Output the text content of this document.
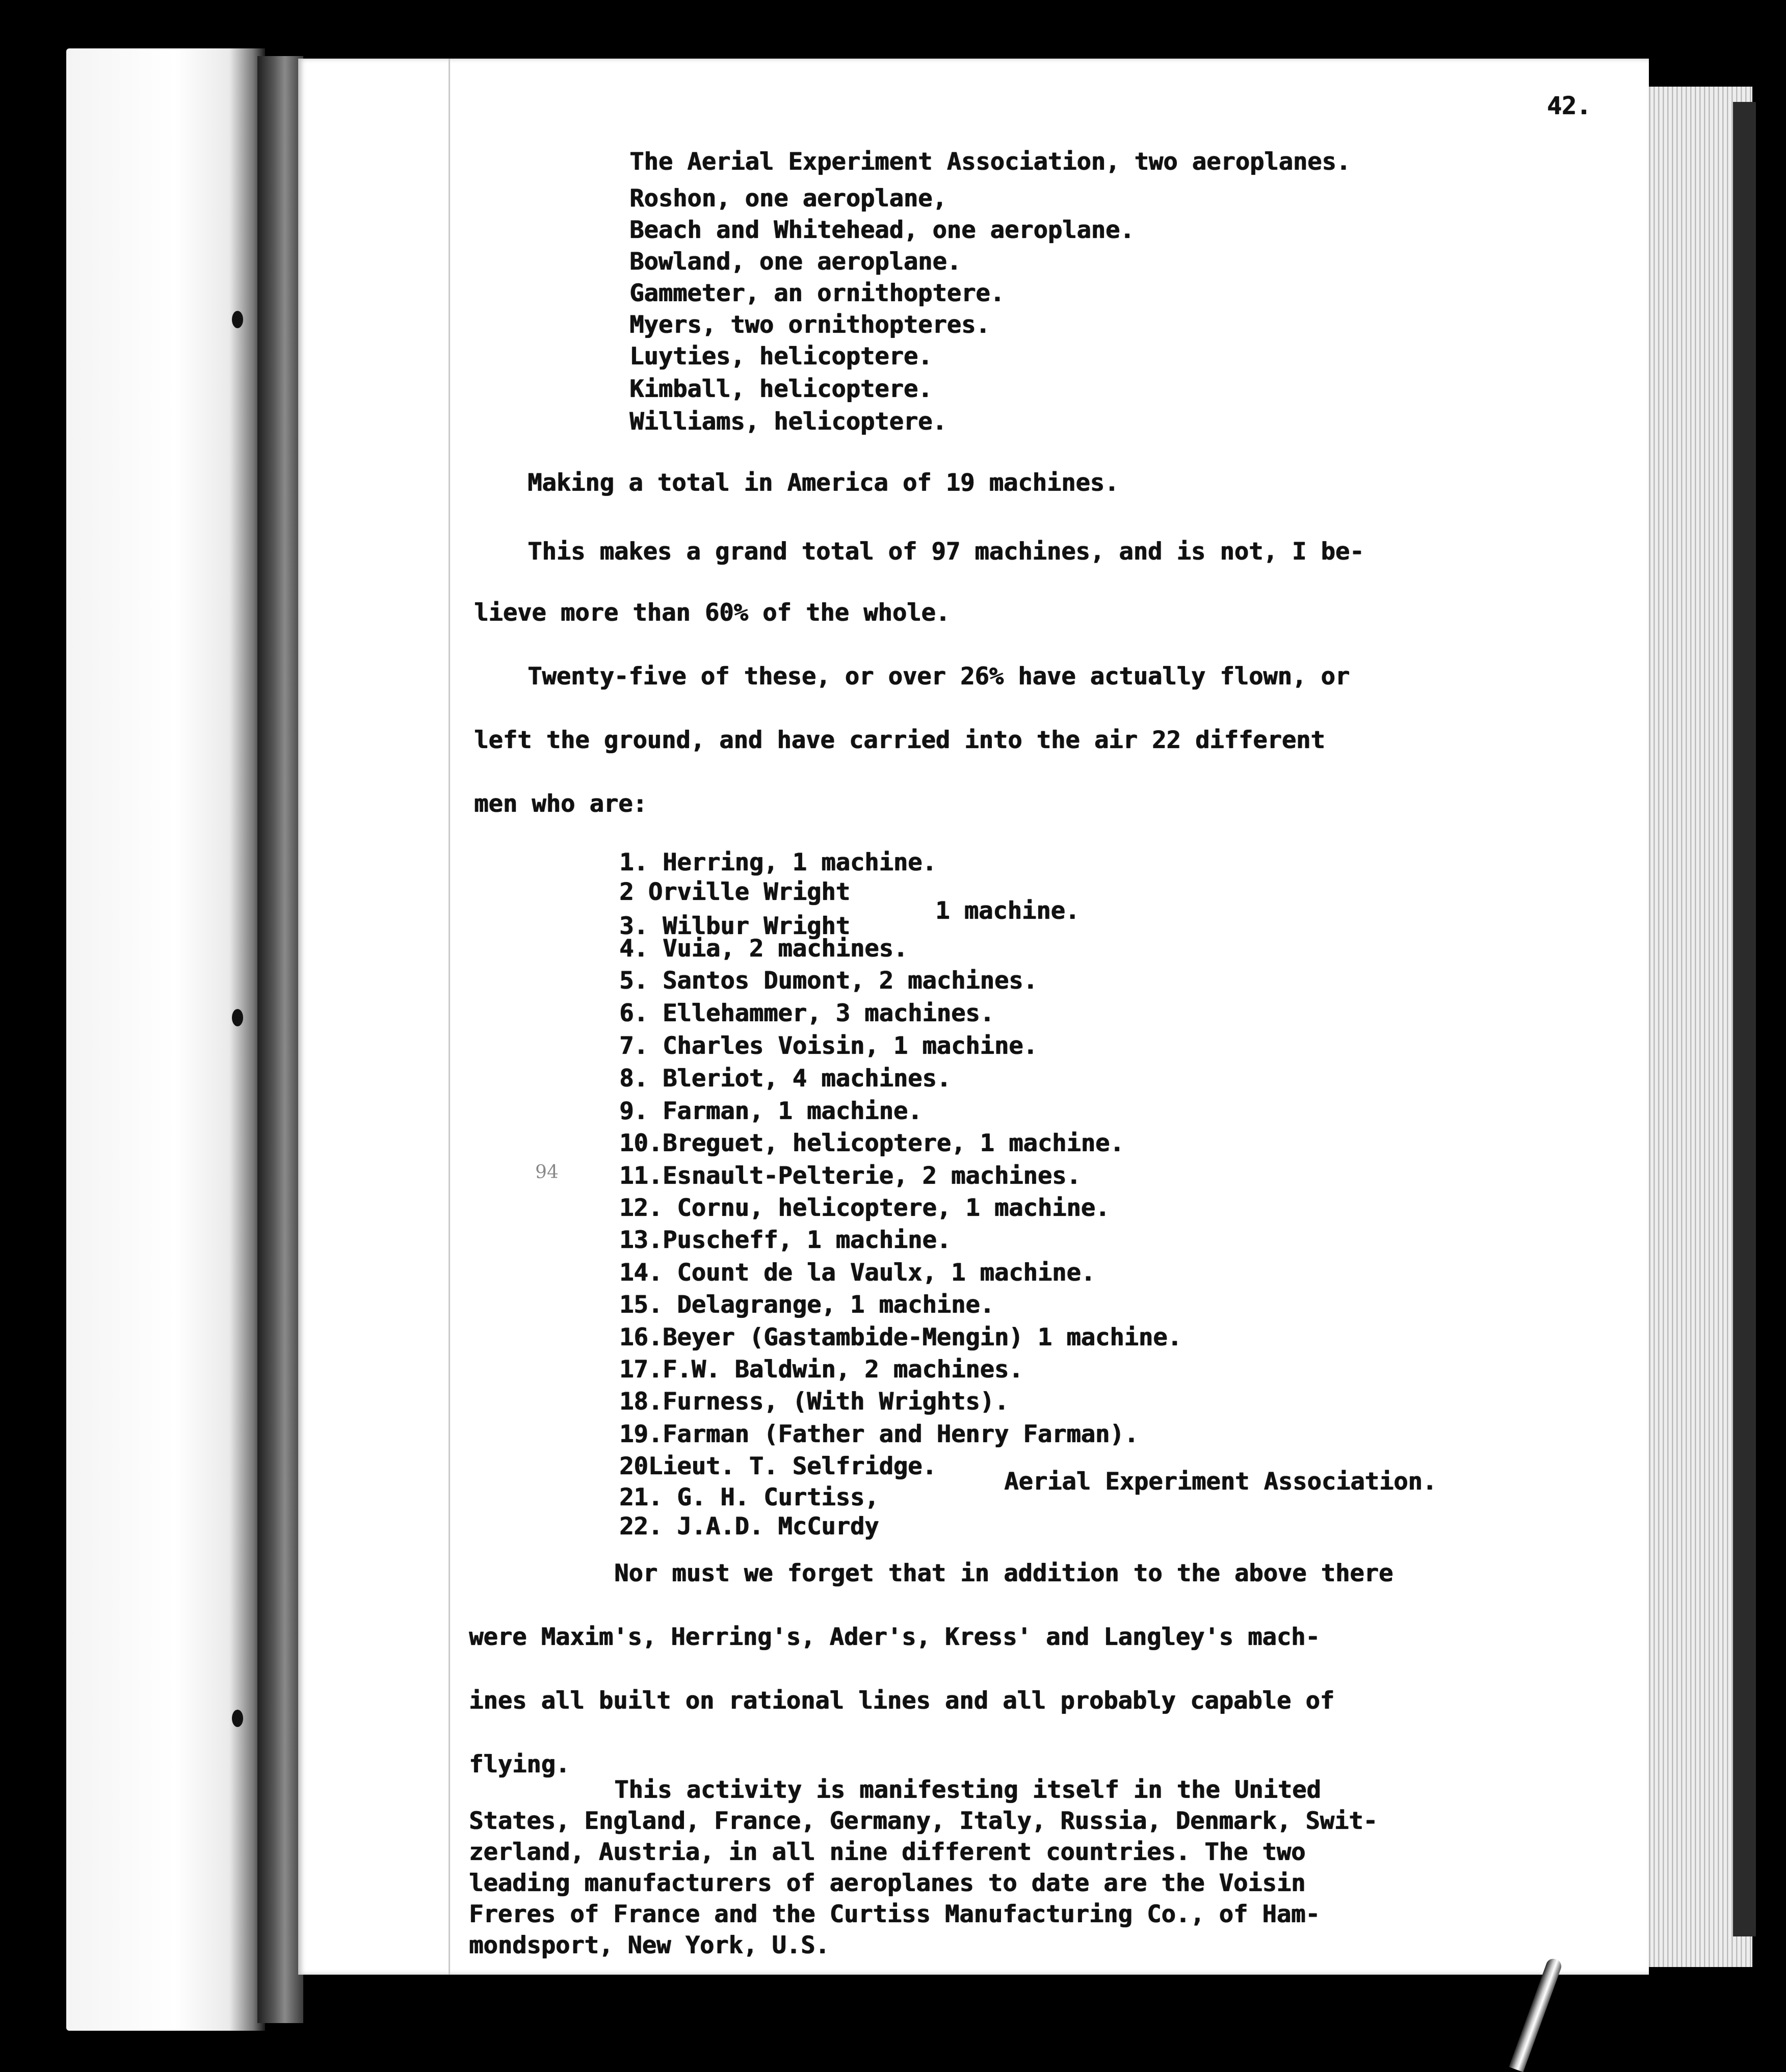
42.

The Aerial Experiment Association, two aeroplanes.

Roshon, one aeroplane,

Beach and Whitehead, one aeroplane.

Bowland, one aeroplane.

Gammeter, an ornithoptere.

Myers, two ornithopteres.

Luyties, helicoptere.

Kimball, helicoptere.

Williams, helicoptere.

Making a total in America of 19 machines.

This makes a grand total of 97 machines, and is not, I be-

lieve more than 60% of the whole.

Twenty-five of these, or over 26% have actually flown, or

left the ground, and have carried into the air 22 different

men who are:

1. Herring, 1 machine.

2 Orville Wright

3. Wilbur Wright

1 machine.

4. Vuia, 2 machines.

5. Santos Dumont, 2 machines.

6. Ellehammer, 3 machines.

7. Charles Voisin, 1 machine.

8. Bleriot, 4 machines.

9. Farman, 1 machine.

10.Breguet, helicoptere, 1 machine.

11.Esnault-Pelterie, 2 machines.

12. Cornu, helicoptere, 1 machine.

13.Puscheff, 1 machine.

14. Count de la Vaulx, 1 machine.

15. Delagrange, 1 machine.

16.Beyer (Gastambide-Mengin) 1 machine.

17.F.W. Baldwin, 2 machines.

18.Furness, (With Wrights).

19.Farman (Father and Henry Farman).

20Lieut. T. Selfridge.

21. G. H. Curtiss,

Aerial Experiment Association.

22. J.A.D. McCurdy

94

Nor must we forget that in addition to the above there

were Maxim's, Herring's, Ader's, Kress' and Langley's mach-

ines all built on rational lines and all probably capable of

flying.

This activity is manifesting itself in the United

States, England, France, Germany, Italy, Russia, Denmark, Swit-

zerland, Austria, in all nine different countries. The two

leading manufacturers of aeroplanes to date are the Voisin

Freres of France and the Curtiss Manufacturing Co., of Ham-

mondsport, New York, U.S.
